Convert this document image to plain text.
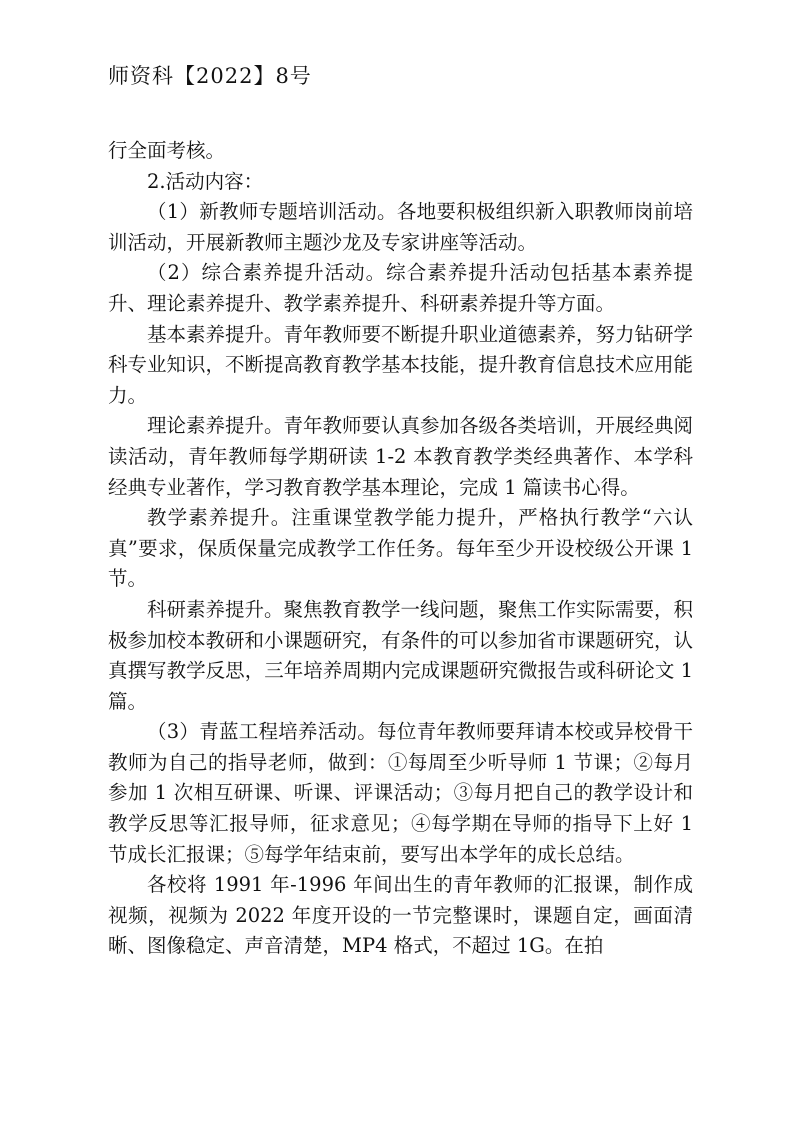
师资科【2022】8号

行全面考核。

2.活动内容：

（1）新教师专题培训活动。各地要积极组织新入职教师岗前培训活动，开展新教师主题沙龙及专家讲座等活动。

（2）综合素养提升活动。综合素养提升活动包括基本素养提升、理论素养提升、教学素养提升、科研素养提升等方面。

基本素养提升。青年教师要不断提升职业道德素养，努力钻研学科专业知识，不断提高教育教学基本技能，提升教育信息技术应用能力。

理论素养提升。青年教师要认真参加各级各类培训，开展经典阅读活动，青年教师每学期研读 1-2 本教育教学类经典著作、本学科经典专业著作，学习教育教学基本理论，完成 1 篇读书心得。

教学素养提升。注重课堂教学能力提升，严格执行教学“六认真”要求，保质保量完成教学工作任务。每年至少开设校级公开课 1 节。

科研素养提升。聚焦教育教学一线问题，聚焦工作实际需要，积极参加校本教研和小课题研究，有条件的可以参加省市课题研究，认真撰写教学反思，三年培养周期内完成课题研究微报告或科研论文 1 篇。

（3）青蓝工程培养活动。每位青年教师要拜请本校或异校骨干教师为自己的指导老师，做到：①每周至少听导师 1 节课；②每月参加 1 次相互研课、听课、评课活动；③每月把自己的教学设计和教学反思等汇报导师，征求意见；④每学期在导师的指导下上好 1 节成长汇报课；⑤每学年结束前，要写出本学年的成长总结。

各校将 1991 年-1996 年间出生的青年教师的汇报课，制作成视频，视频为 2022 年度开设的一节完整课时，课题自定，画面清晰、图像稳定、声音清楚，MP4 格式，不超过 1G。在拍
